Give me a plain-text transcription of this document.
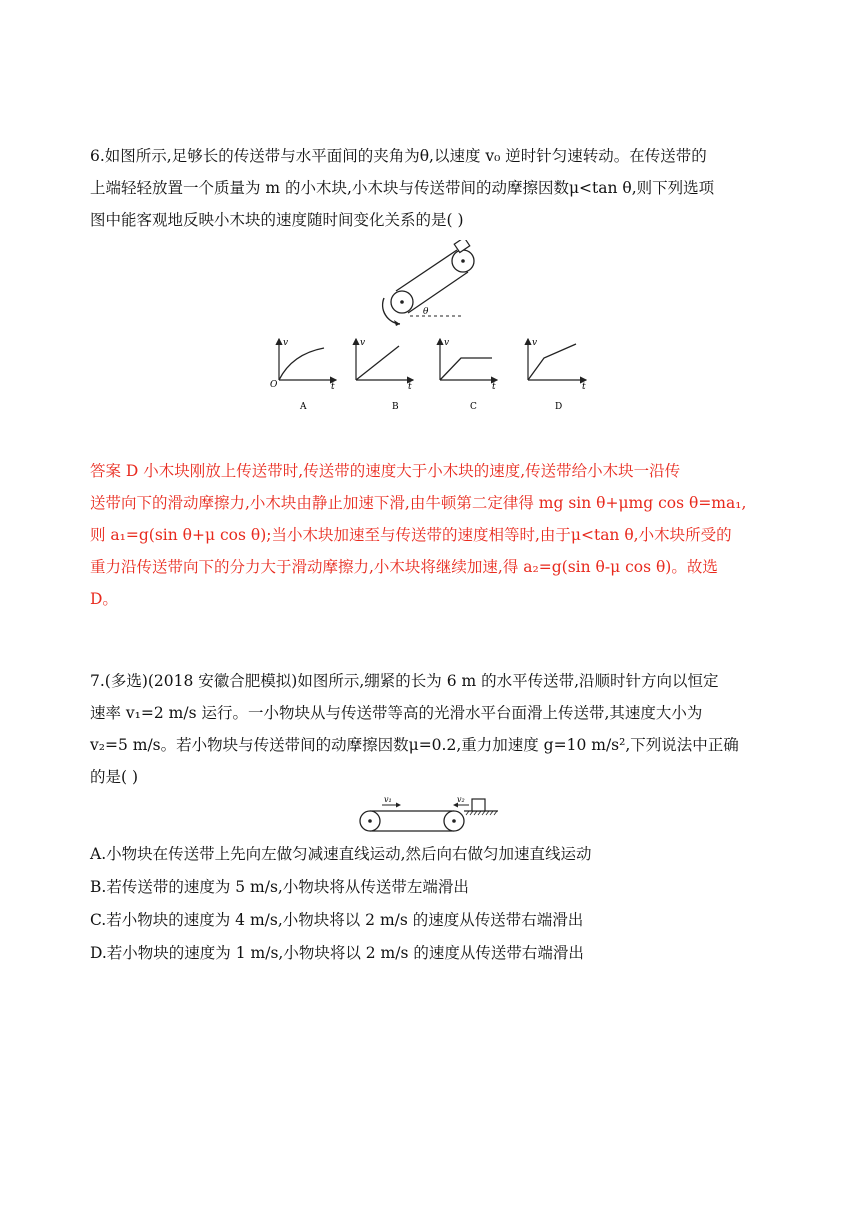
6.如图所示,足够长的传送带与水平面间的夹角为θ,以速度 v₀ 逆时针匀速转动。在传送带的
上端轻轻放置一个质量为 m 的小木块,小木块与传送带间的动摩擦因数μ<tan θ,则下列选项
图中能客观地反映小木块的速度随时间变化关系的是( )
θ
v
t
O
A
v
t
B
v
t
C
v
t
D
答案 D 小木块刚放上传送带时,传送带的速度大于小木块的速度,传送带给小木块一沿传
送带向下的滑动摩擦力,小木块由静止加速下滑,由牛顿第二定律得 mg sin θ+μmg cos θ=ma₁,
则 a₁=g(sin θ+μ cos θ);当小木块加速至与传送带的速度相等时,由于μ<tan θ,小木块所受的
重力沿传送带向下的分力大于滑动摩擦力,小木块将继续加速,得 a₂=g(sin θ-μ cos θ)。故选
D。
7.(多选)(2018 安徽合肥模拟)如图所示,绷紧的长为 6 m 的水平传送带,沿顺时针方向以恒定
速率 v₁=2 m/s 运行。一小物块从与传送带等高的光滑水平台面滑上传送带,其速度大小为
v₂=5 m/s。若小物块与传送带间的动摩擦因数μ=0.2,重力加速度 g=10 m/s²,下列说法中正确
的是( )
v₁	v₂
A.小物块在传送带上先向左做匀减速直线运动,然后向右做匀加速直线运动
B.若传送带的速度为 5 m/s,小物块将从传送带左端滑出
C.若小物块的速度为 4 m/s,小物块将以 2 m/s 的速度从传送带右端滑出
D.若小物块的速度为 1 m/s,小物块将以 2 m/s 的速度从传送带右端滑出
